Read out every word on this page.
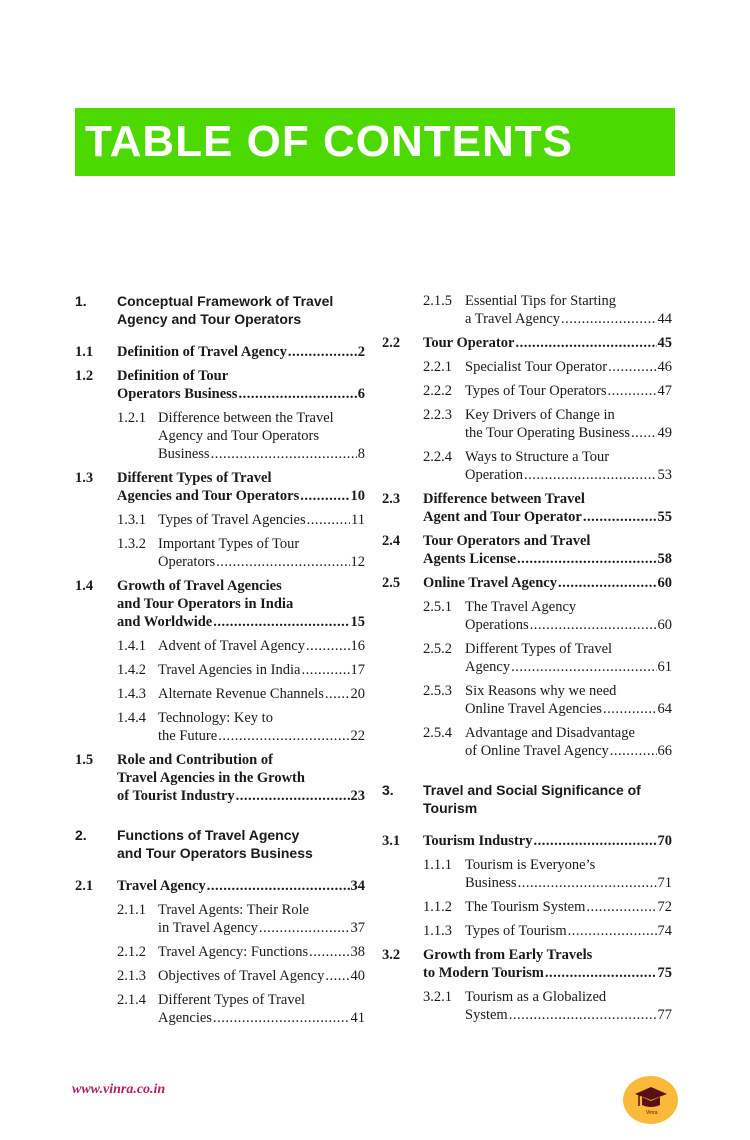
TABLE OF CONTENTS
1. Conceptual Framework of Travel
Agency and Tour Operators
1.1 Definition of Travel Agency .....	2
1.2 Definition of Tour
Operators Business .....	6
1.2.1 Difference between the Travel
Agency and Tour Operators
Business .....	8
1.3 Different Types of Travel
Agencies and Tour Operators .....	10
1.3.1 Types of Travel Agencies .....	11
1.3.2 Important Types of Tour
Operators .....	12
1.4 Growth of Travel Agencies
and Tour Operators in India
and Worldwide .....	15
1.4.1 Advent of Travel Agency .....	16
1.4.2 Travel Agencies in India .....	17
1.4.3 Alternate Revenue Channels ..... 20
1.4.4 Technology: Key to
the Future .....	22
1.5 Role and Contribution of
Travel Agencies in the Growth
of Tourist Industry .....	23
2. Functions of Travel Agency
and Tour Operators Business
2.1 Travel Agency .....	34
2.1.1 Travel Agents: Their Role
in Travel Agency .....	37
2.1.2 Travel Agency: Functions .....	38
2.1.3 Objectives of Travel Agency ..... 40
2.1.4 Different Types of Travel
Agencies .....	41
2.1.5 Essential Tips for Starting
a Travel Agency .....	44
2.2 Tour Operator .....	45
2.2.1 Specialist Tour Operator .....	46
2.2.2 Types of Tour Operators .....	47
2.2.3 Key Drivers of Change in
the Tour Operating Business ..... 49
2.2.4 Ways to Structure a Tour
Operation .....	53
2.3 Difference between Travel
Agent and Tour Operator .....	55
2.4 Tour Operators and Travel
Agents License .....	58
2.5 Online Travel Agency .....	60
2.5.1 The Travel Agency
Operations .....	60
2.5.2 Different Types of Travel
Agency .....	61
2.5.3 Six Reasons why we need
Online Travel Agencies .....	64
2.5.4 Advantage and Disadvantage
of Online Travel Agency .....	66
3. Travel and Social Significance of
Tourism
3.1 Tourism Industry .....	70
1.1.1 Tourism is Everyone’s
Business .....	71
1.1.2 The Tourism System .....	72
1.1.3 Types of Tourism .....	74
3.2 Growth from Early Travels
to Modern Tourism .....	75
3.2.1 Tourism as a Globalized
System .....	77
www.vinra.co.in
Vinra
